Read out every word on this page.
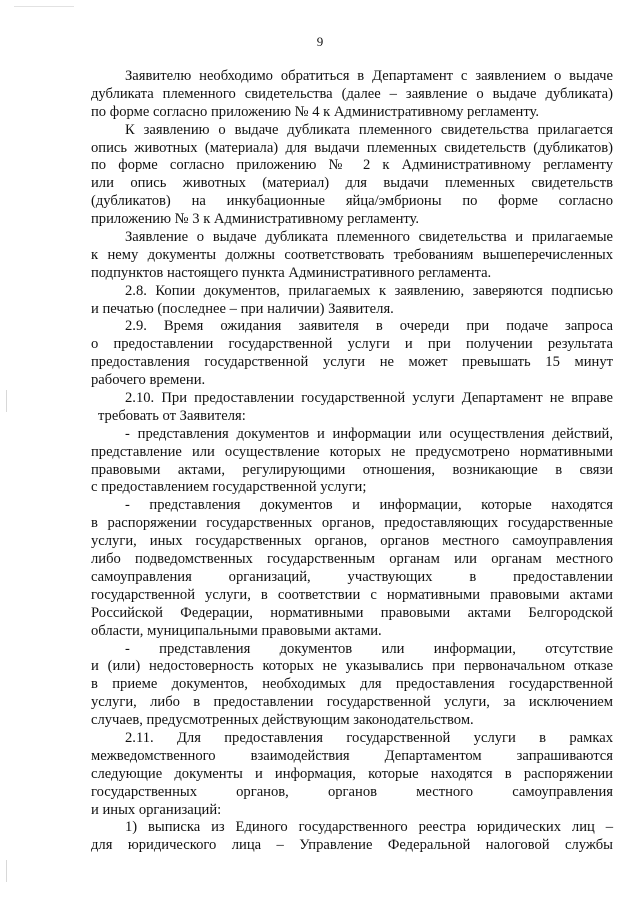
9
Заявителю необходимо обратиться в Департамент с заявлением о выдаче
дубликата племенного свидетельства (далее – заявление о выдаче дубликата)
по форме согласно приложению № 4 к Административному регламенту.
К заявлению о выдаче дубликата племенного свидетельства прилагается
опись животных (материала) для выдачи племенных свидетельств (дубликатов)
по форме согласно приложению № 2 к Административному регламенту
или опись животных (материал) для выдачи племенных свидетельств
(дубликатов) на инкубационные яйца/эмбрионы по форме согласно
приложению № 3 к Административному регламенту.
Заявление о выдаче дубликата племенного свидетельства и прилагаемые
к нему документы должны соответствовать требованиям вышеперечисленных
подпунктов настоящего пункта Административного регламента.
2.8. Копии документов, прилагаемых к заявлению, заверяются подписью
и печатью (последнее – при наличии) Заявителя.
2.9. Время ожидания заявителя в очереди при подаче запроса
о предоставлении государственной услуги и при получении результата
предоставления государственной услуги не может превышать 15 минут
рабочего времени.
2.10. При предоставлении государственной услуги Департамент не вправе
требовать от Заявителя:
- представления документов и информации или осуществления действий,
представление или осуществление которых не предусмотрено нормативными
правовыми актами, регулирующими отношения, возникающие в связи
с предоставлением государственной услуги;
- представления документов и информации, которые находятся
в распоряжении государственных органов, предоставляющих государственные
услуги, иных государственных органов, органов местного самоуправления
либо подведомственных государственным органам или органам местного
самоуправления организаций, участвующих в предоставлении
государственной услуги, в соответствии с нормативными правовыми актами
Российской Федерации, нормативными правовыми актами Белгородской
области, муниципальными правовыми актами.
- представления документов или информации, отсутствие
и (или) недостоверность которых не указывались при первоначальном отказе
в приеме документов, необходимых для предоставления государственной
услуги, либо в предоставлении государственной услуги, за исключением
случаев, предусмотренных действующим законодательством.
2.11. Для предоставления государственной услуги в рамках
межведомственного взаимодействия Департаментом запрашиваются
следующие документы и информация, которые находятся в распоряжении
государственных органов, органов местного самоуправления
и иных организаций:
1) выписка из Единого государственного реестра юридических лиц –
для юридического лица – Управление Федеральной налоговой службы
